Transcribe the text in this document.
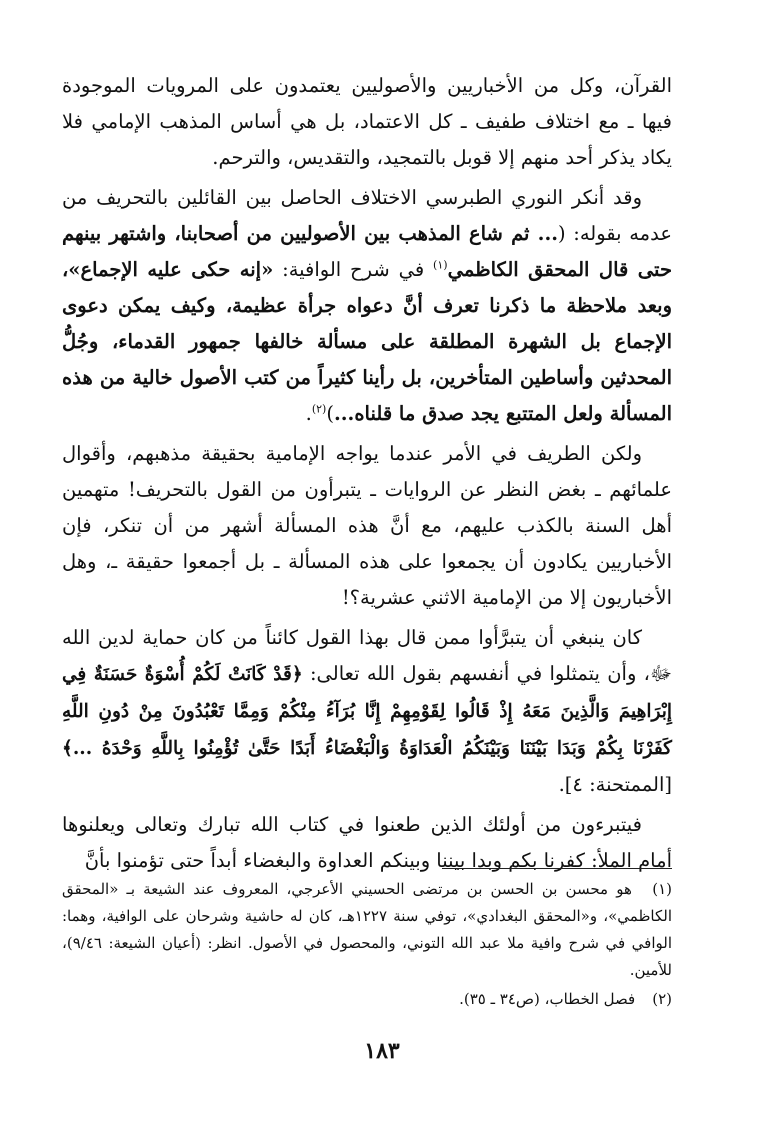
القرآن، وكل من الأخباريين والأصوليين يعتمدون على المرويات الموجودة فيها ـ مع اختلاف طفيف ـ كل الاعتماد، بل هي أساس المذهب الإمامي فلا يكاد يذكر أحد منهم إلا قوبل بالتمجيد، والتقديس، والترحم.

وقد أنكر النوري الطبرسي الاختلاف الحاصل بين القائلين بالتحريف من عدمه بقوله: (... ثم شاع المذهب بين الأصوليين من أصحابنا، واشتهر بينهم حتى قال المحقق الكاظمي$^{(١)}$ في شرح الوافية: «إنه حكى عليه الإجماع»، وبعد ملاحظة ما ذكرنا تعرف أنَّ دعواه جرأة عظيمة، وكيف يمكن دعوى الإجماع بل الشهرة المطلقة على مسألة خالفها جمهور القدماء، وجُلُّ المحدثين وأساطين المتأخرين، بل رأينا كثيراً من كتب الأصول خالية من هذه المسألة ولعل المتتبع يجد صدق ما قلناه...)$^{(٢)}$.

ولكن الطريف في الأمر عندما يواجه الإمامية بحقيقة مذهبهم، وأقوال علمائهم ـ بغض النظر عن الروايات ـ يتبرأون من القول بالتحريف! متهمين أهل السنة بالكذب عليهم، مع أنَّ هذه المسألة أشهر من أن تنكر، فإن الأخباريين يكادون أن يجمعوا على هذه المسألة ـ بل أجمعوا حقيقة ـ، وهل الأخباريون إلا من الإمامية الاثني عشرية؟!

كان ينبغي أن يتبرَّأوا ممن قال بهذا القول كائناً من كان حماية لدين الله ﷻ، وأن يتمثلوا في أنفسهم بقول الله تعالى: ﴿قَدْ كَانَتْ لَكُمْ أُسْوَةٌ حَسَنَةٌ فِي إِبْرَاهِيمَ وَالَّذِينَ مَعَهُ إِذْ قَالُوا لِقَوْمِهِمْ إِنَّا بُرَآءُ مِنْكُمْ وَمِمَّا تَعْبُدُونَ مِنْ دُونِ اللَّهِ كَفَرْنَا بِكُمْ وَبَدَا بَيْنَنَا وَبَيْنَكُمُ الْعَدَاوَةُ وَالْبَغْضَاءُ أَبَدًا حَتَّىٰ تُؤْمِنُوا بِاللَّهِ وَحْدَهُ ...﴾ [الممتحنة: ٤].

فيتبرءون من أولئك الذين طعنوا في كتاب الله تبارك وتعالى ويعلنوها أمام الملأ: كفرنا بكم وبدا بيننا وبينكم العداوة والبغضاء أبداً حتى تؤمنوا بأنَّ

(١) هو محسن بن الحسن بن مرتضى الحسيني الأعرجي، المعروف عند الشيعة بـ «المحقق الكاظمي»، و«المحقق البغدادي»، توفي سنة ١٢٢٧هـ، كان له حاشية وشرحان على الوافية، وهما: الوافي في شرح وافية ملا عبد الله التوني، والمحصول في الأصول. انظر: (أعيان الشيعة: ٩/٤٦)، للأمين.

(٢) فصل الخطاب، (ص٣٤ ـ ٣٥).

١٨٣
